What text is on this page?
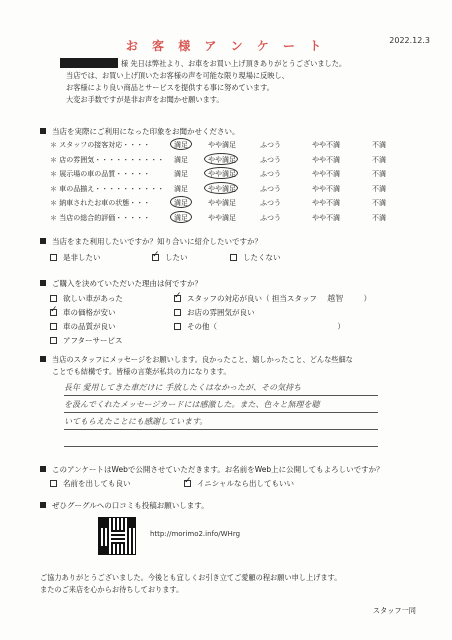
2022.12.3
お 客 様 ア ン ケ ー ト
様 先日は弊社より、お車をお買い上げ頂きありがとうございました。
当店では、お買い上げ頂いたお客様の声を可能な限り現場に反映し、
お客様により良い商品とサービスを提供する事に努めています。
大変お手数ですが是非お声をお聞かせ願います。
当店を実際にご利用になった印象をお聞かせください。
＊ スタッフの接客対応・・・・	満足	やや満足	ふつう	やや不満	不満
＊ 店の雰囲気・・・・・・・・・・ 満足	やや満足	ふつう	やや不満	不満
＊ 展示場の車の品質・・・・・	満足	やや満足	ふつう	やや不満	不満
＊ 車の品揃え・・・・・・・・・・ 満足	やや満足	ふつう	やや不満	不満
＊ 納車されたお車の状態・・・	満足	やや満足	ふつう	やや不満	不満
＊ 当店の総合的評価・・・・・	満足	やや満足	ふつう	やや不満	不満
当店をまた利用したいですか？知り合いに紹介したいですか？
是非したい ✓	したい	したくない
ご購入を決めていただいた理由は何ですか？
欲しい車があった
✓車の価格が安い
車の品質が良い
アフターサービス
✓スタッフの対応が良い（ 担当スタッフ 越智	）
お店の雰囲気が良い
その他（	）
当店のスタッフにメッセージをお願いします。良かったこと、嬉しかったこと、どんな些細な
ことでも結構です。皆様の言葉が私共の力になります。
長年 愛用してきた車だけに 手放したくはなかったが、その気持ち
を汲んでくれたメッセージカードには感激した。また、色々と無理を聴
いてもらえたことにも感謝しています。
このアンケートはWebで公開させていただきます。お名前をWeb上に公開してもよろしいですか？
名前を出しても良い ✓	イニシャルなら出してもいい
ぜひグーグルへの口コミも投稿お願いします。
http://morimo2.info/WHrg
ご協力ありがとうございました。今後とも宜しくお引き立てご愛顧の程お願い申し上げます。
またのご来店を心からお待ちしております。
スタッフ一同
